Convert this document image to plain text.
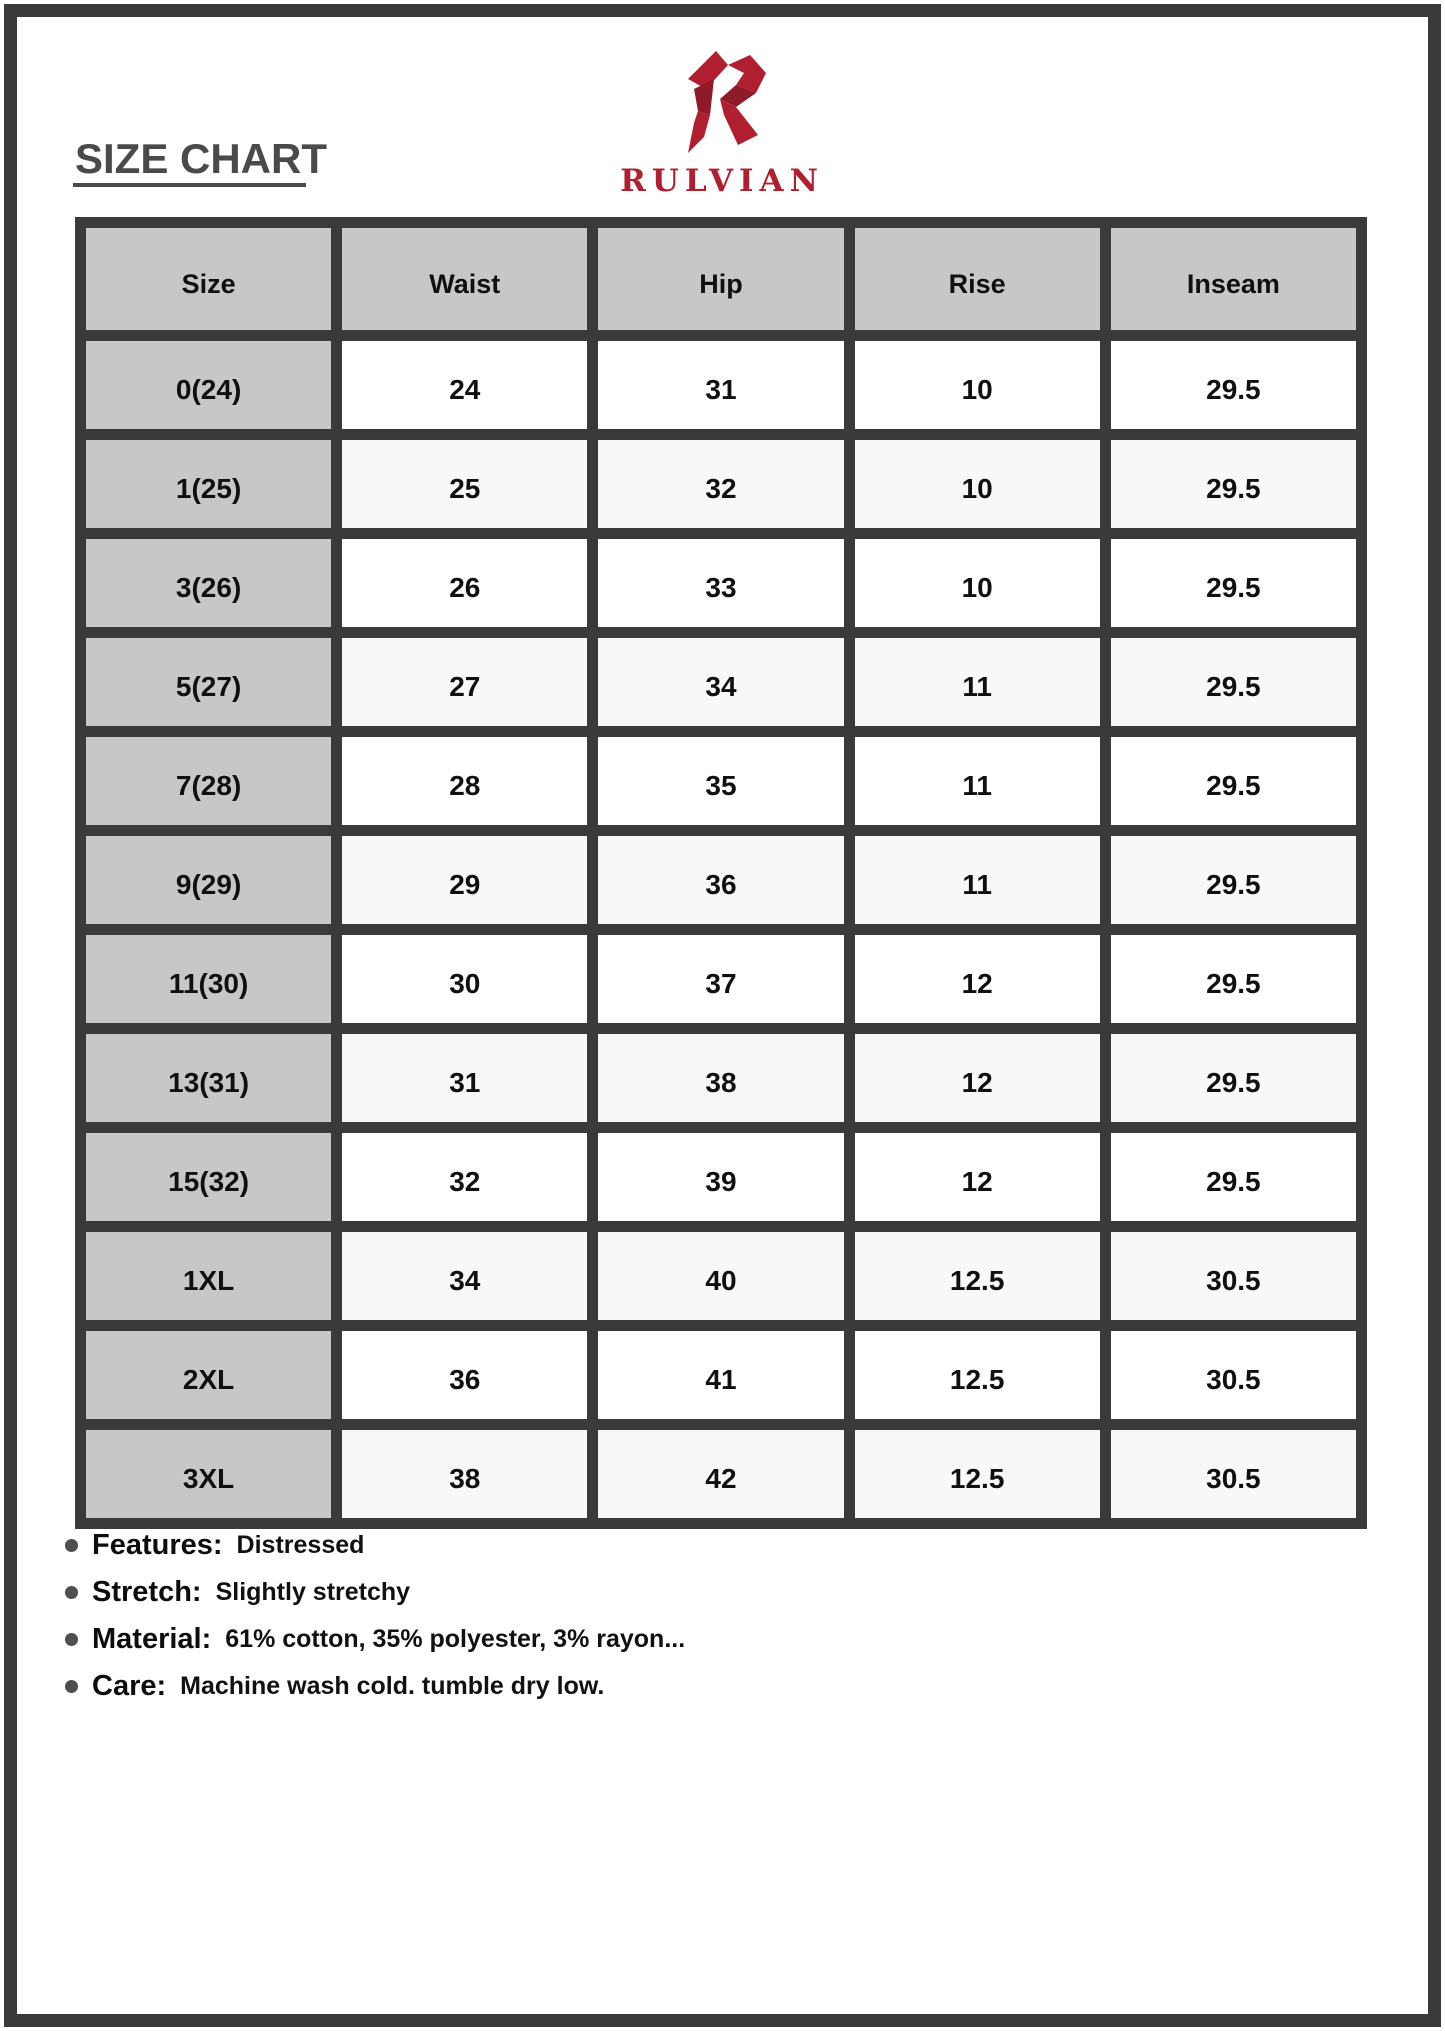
SIZE CHART	RULVIAN
Size	Waist	Hip	Rise	Inseam
0(24)	24	31	10	29.5
1(25)	25	32	10	29.5
3(26)	26	33	10	29.5
5(27)	27	34	11	29.5
7(28)	28	35	11	29.5
9(29)	29	36	11	29.5
11(30)	30	37	12	29.5
13(31)	31	38	12	29.5
15(32)	32	39	12	29.5
1XL	34	40	12.5	30.5
2XL	36	41	12.5	30.5
3XL	38	42	12.5	30.5
Features: Distressed
Stretch: Slightly stretchy
Material: 61% cotton, 35% polyester, 3% rayon...
Care: Machine wash cold. tumble dry low.
